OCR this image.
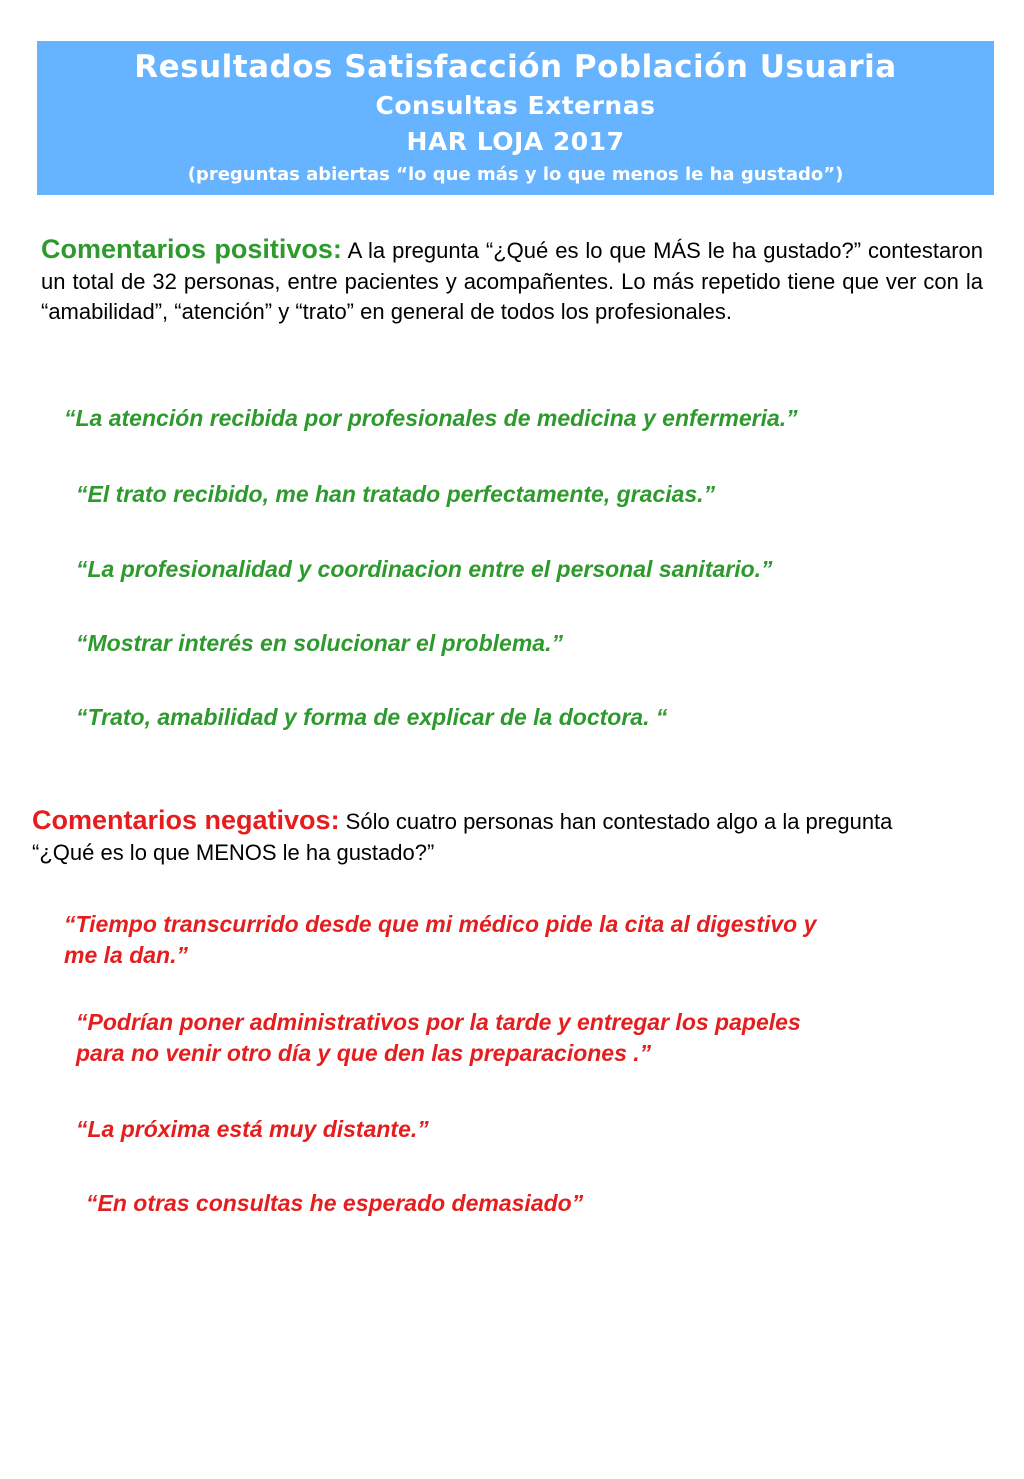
Resultados Satisfacción Población Usuaria
Consultas Externas
HAR LOJA 2017
(preguntas abiertas “lo que más y lo que menos le ha gustado”)
Comentarios positivos: A la pregunta “¿Qué es lo que MÁS le ha gustado?” contestaron un total de 32 personas, entre pacientes y acompañentes. Lo más repetido tiene que ver con la “amabilidad”, “atención” y “trato” en general de todos los profesionales.
“La atención recibida por profesionales de medicina y enfermeria.”
“El trato recibido, me han tratado perfectamente, gracias.”
“La profesionalidad y coordinacion entre el personal sanitario.”
“Mostrar interés en solucionar el problema.”
“Trato, amabilidad y forma de explicar de la doctora. “
Comentarios negativos: Sólo cuatro personas han contestado algo a la pregunta
“¿Qué es lo que MENOS le ha gustado?”
“Tiempo transcurrido desde que mi médico pide la cita al digestivo y
me la dan.”
“Podrían poner administrativos por la tarde y entregar los papeles
para no venir otro día y que den las preparaciones .”
“La próxima está muy distante.”
“En otras consultas he esperado demasiado”
